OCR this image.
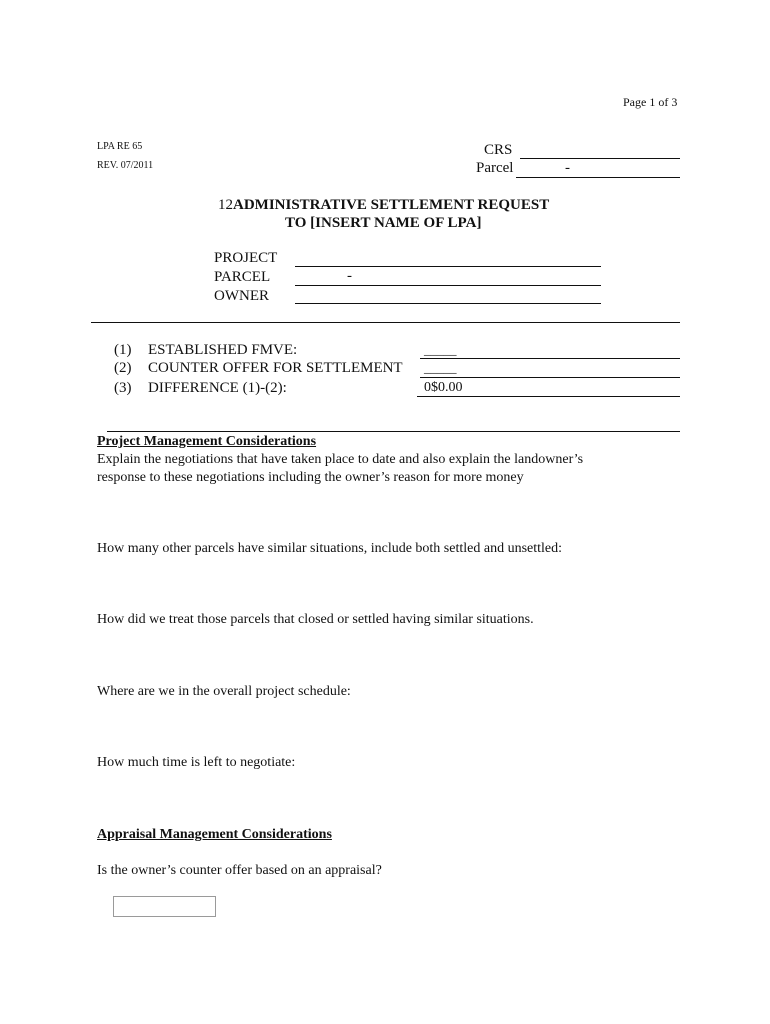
Page 1 of 3
LPA RE 65
REV. 07/2011
CRS
Parcel	-
12ADMINISTRATIVE SETTLEMENT REQUEST
TO [INSERT NAME OF LPA]
PROJECT
PARCEL	-
OWNER
(1) ESTABLISHED FMVE:	_____
(2) COUNTER OFFER FOR SETTLEMENT _____
(3) DIFFERENCE (1)-(2):	0$0.00
Project Management Considerations
Explain the negotiations that have taken place to date and also explain the landowner’s
response to these negotiations including the owner’s reason for more money
How many other parcels have similar situations, include both settled and unsettled:
How did we treat those parcels that closed or settled having similar situations.
Where are we in the overall project schedule:
How much time is left to negotiate:
Appraisal Management Considerations
Is the owner’s counter offer based on an appraisal?
